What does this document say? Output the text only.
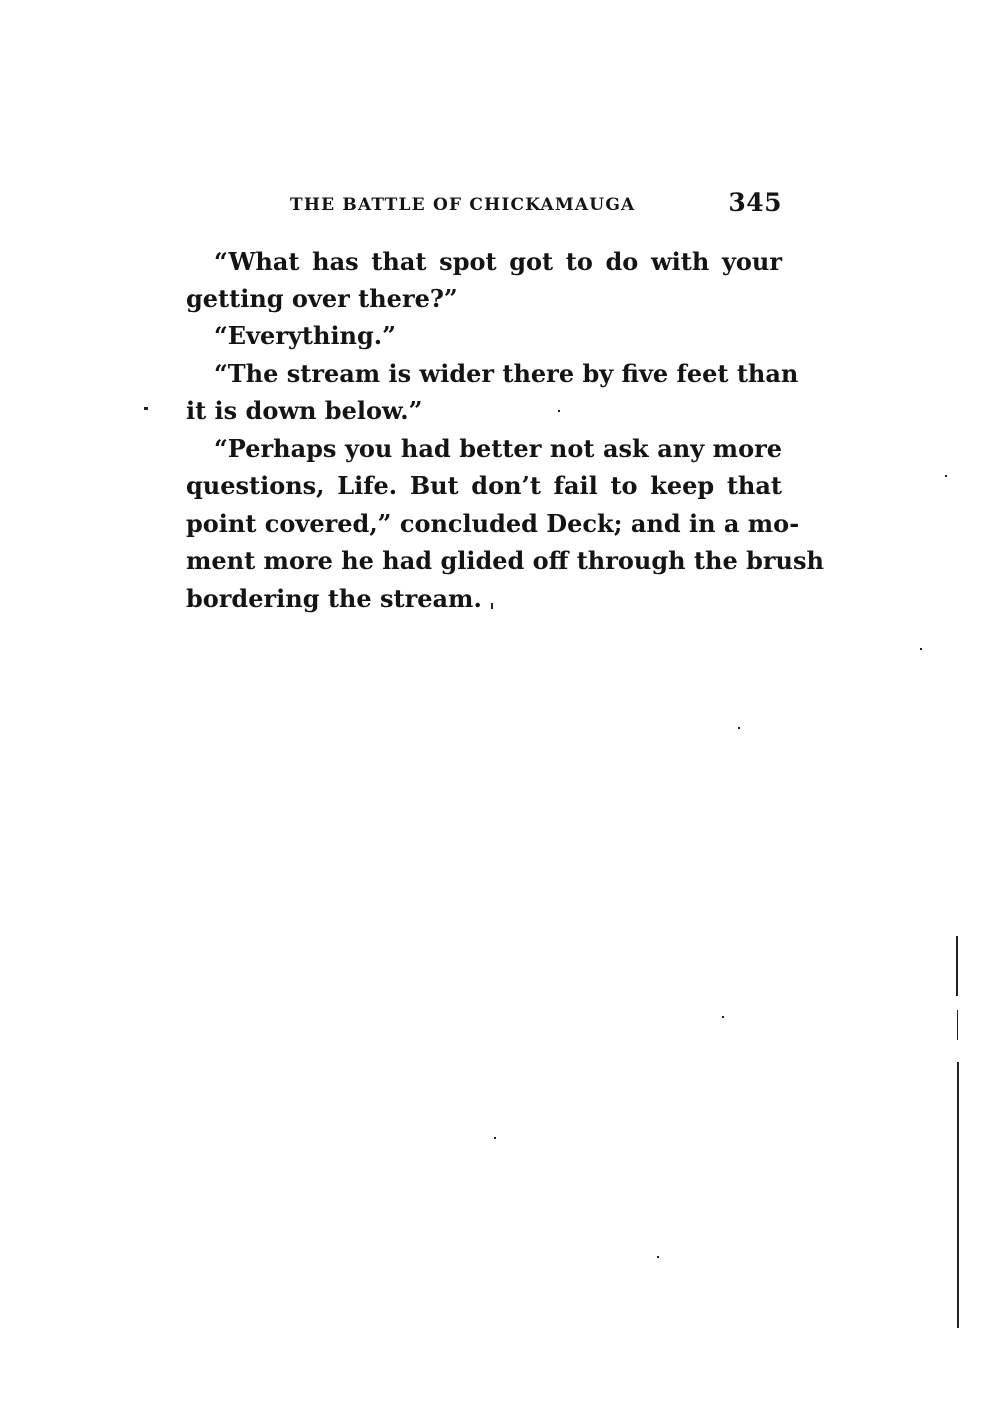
THE BATTLE OF CHICKAMAUGA	345
“What has that spot got to do with your
getting over there?”
“Everything.”
“The stream is wider there by five feet than
it is down below.”
“Perhaps you had better not ask any more
questions, Life. But don’t fail to keep that
point covered,” concluded Deck; and in a mo-
ment more he had glided off through the brush
bordering the stream.
